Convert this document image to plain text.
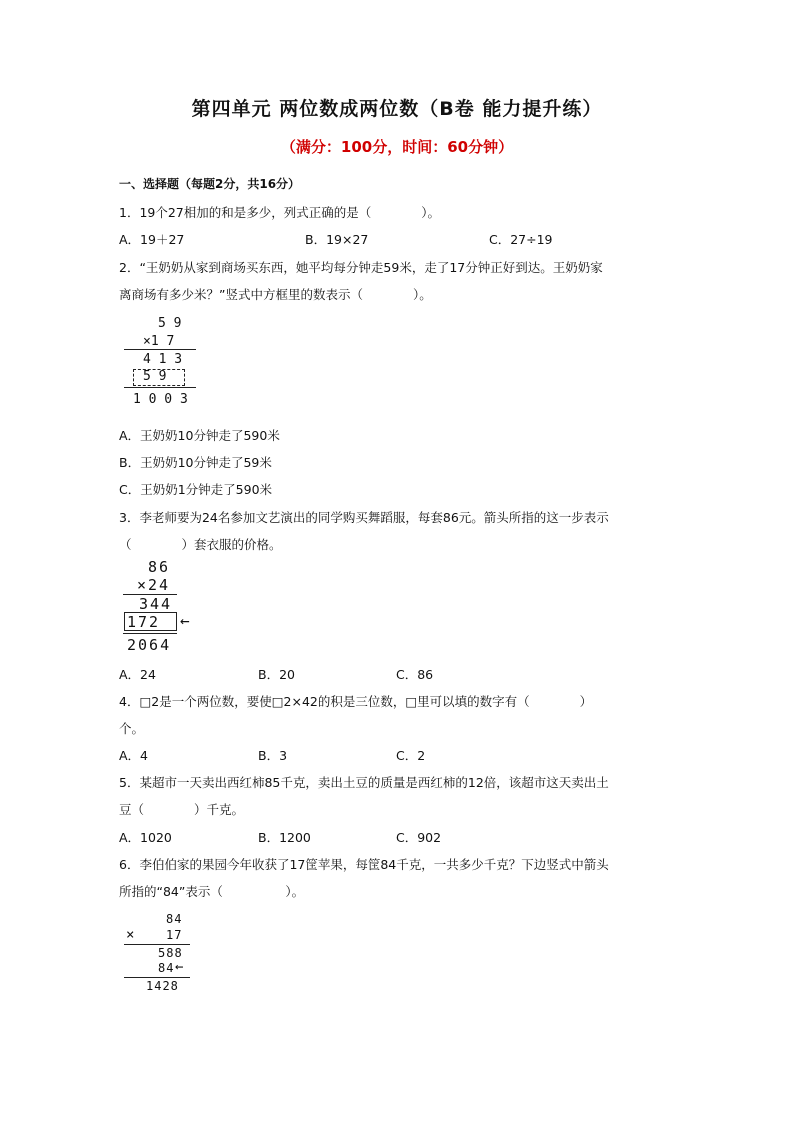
第四单元 两位数成两位数（B卷 能力提升练）
（满分：100分，时间：60分钟）
一、选择题（每题2分，共16分）
1．19个27相加的和是多少，列式正确的是（　　　　）。
A．19＋27	B．19×27	C．27÷19
2．“王奶奶从家到商场买东西，她平均每分钟走59米，走了17分钟正好到达。王奶奶家
离商场有多少米？”竖式中方框里的数表示（　　　　）。
5 9
×1 7
4 1 3
5 9
1 0 0 3
A．王奶奶10分钟走了590米
B．王奶奶10分钟走了59米
C．王奶奶1分钟走了590米
3．李老师要为24名参加文艺演出的同学购买舞蹈服，每套86元。箭头所指的这一步表示
（　　　　）套衣服的价格。
86
×24
344
172 ←
2064
A．24	B．20	C．86
4．□2是一个两位数，要使□2×42的积是三位数，□里可以填的数字有（　　　　）
个。
A．4	B．3	C．2
5．某超市一天卖出西红柿85千克，卖出土豆的质量是西红柿的12倍，该超市这天卖出土
豆（　　　　）千克。
A．1020	B．1200	C．902
6．李伯伯家的果园今年收获了17筐苹果，每筐84千克，一共多少千克？下边竖式中箭头
所指的“84”表示（　　　　　）。
84
×	17
588
84 ←
1428
